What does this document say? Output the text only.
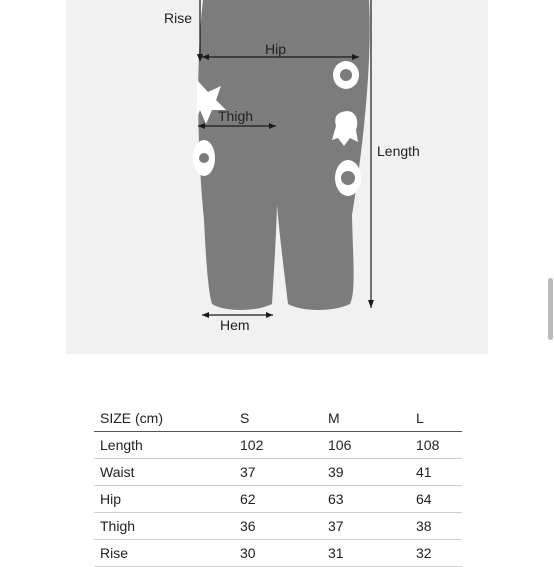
Rise
Hip
Thigh
Length
Hem
SIZE (cm)	S	M	L
Length	102	106	108
Waist	37	39	41
Hip	62	63	64
Thigh	36	37	38
Rise	30	31	32
